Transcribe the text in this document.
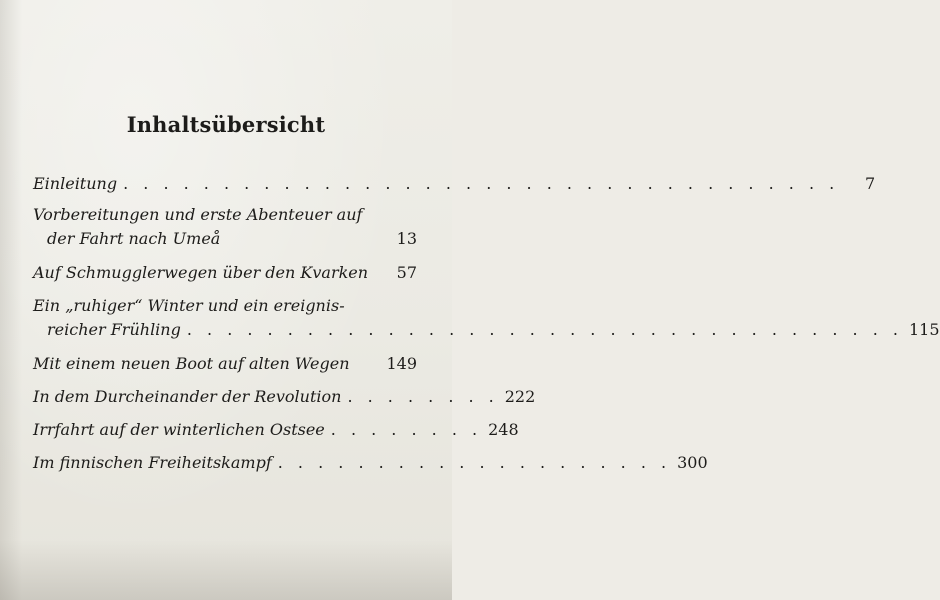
Inhaltsübersicht
Einleitung . . . . . . . . . . . . . . . . . . . . . . . . . . . . . . . . . . . .	7
Vorbereitungen und erste Abenteuer auf
der Fahrt nach Umeå	13
Auf Schmugglerwegen über den Kvarken	57
Ein „ruhiger“ Winter und ein ereignis-
reicher Frühling . . . . . . . . . . . . . . . . . . . . . . . . . . . . . . . . . . . . 115
Mit einem neuen Boot auf alten Wegen 149
In dem Durcheinander der Revolution . . . . . . . . 222
Irrfahrt auf der winterlichen Ostsee . . . . . . . . 248
Im finnischen Freiheitskampf . . . . . . . . . . . . . . . . . . . . 300
